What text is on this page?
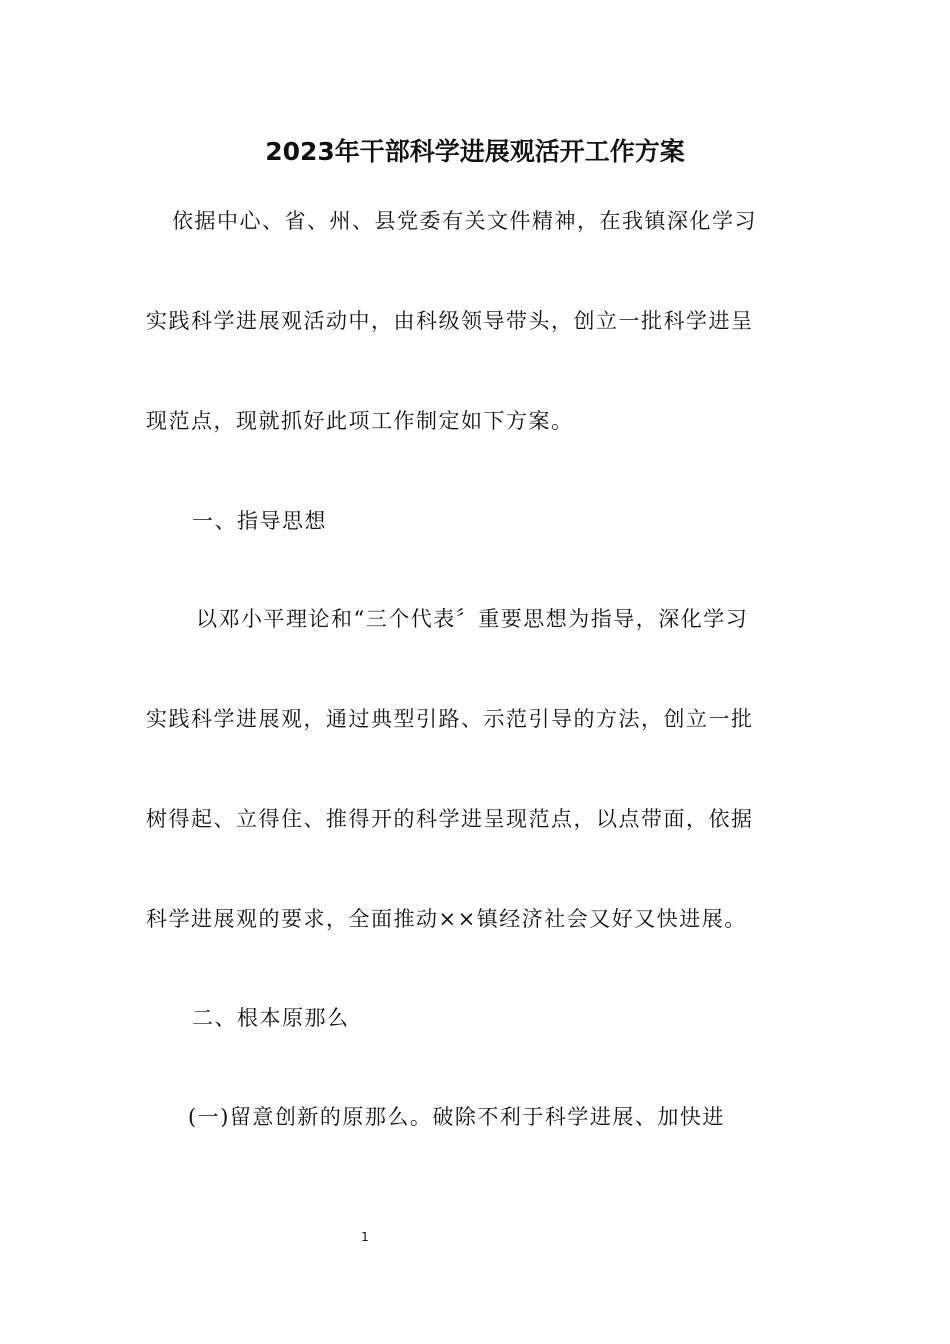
2023年干部科学进展观活开工作方案
依据中心、省、州、县党委有关文件精神，在我镇深化学习
实践科学进展观活动中，由科级领导带头，创立一批科学进呈
现范点，现就抓好此项工作制定如下方案。
一、指导思想
以邓小平理论和“三个代表〞重要思想为指导，深化学习
实践科学进展观，通过典型引路、示范引导的方法，创立一批
树得起、立得住、推得开的科学进呈现范点，以点带面，依据
科学进展观的要求，全面推动××镇经济社会又好又快进展。
二、根本原那么
(一)留意创新的原那么。破除不利于科学进展、加快进
1
